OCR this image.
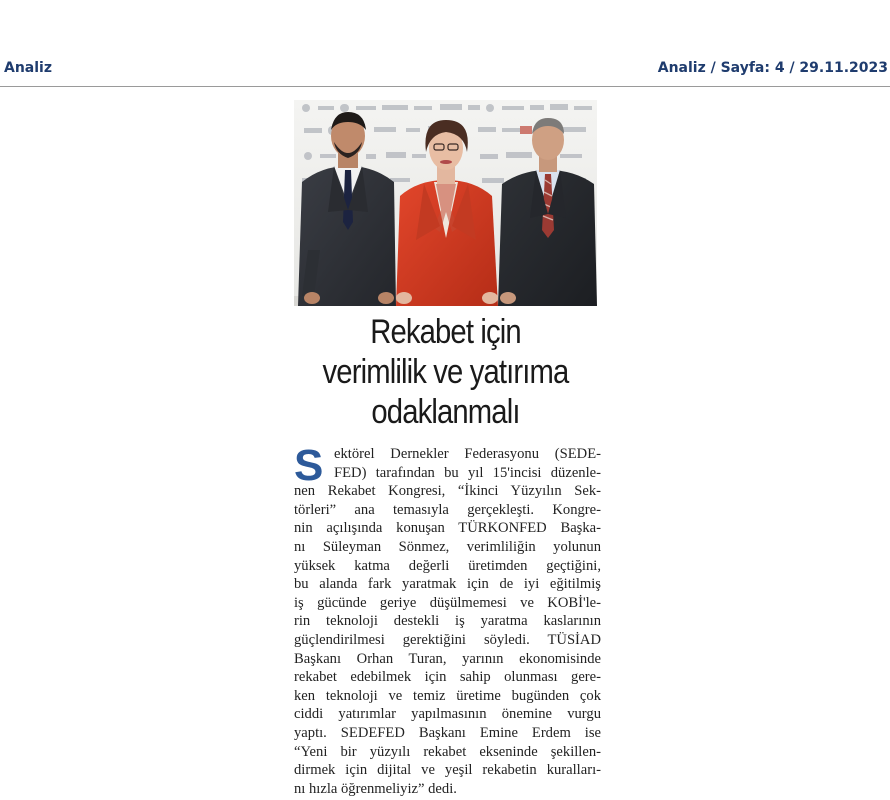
Analiz	Analiz / Sayfa: 4 / 29.11.2023
Rekabet için
verimlilik ve yatırıma
odaklanmalı
S ektörel Dernekler Federasyonu (SEDE-
FED) tarafından bu yıl 15'incisi düzenle-
nen Rekabet Kongresi, “İkinci Yüzyılın Sek-
törleri” ana temasıyla gerçekleşti. Kongre-
nin açılışında konuşan TÜRKONFED Başka-
nı Süleyman Sönmez, verimliliğin yolunun
yüksek katma değerli üretimden geçtiğini,
bu alanda fark yaratmak için de iyi eğitilmiş
iş gücünde geriye düşülmemesi ve KOBİ'le-
rin teknoloji destekli iş yaratma kaslarının
güçlendirilmesi gerektiğini söyledi. TÜSİAD
Başkanı Orhan Turan, yarının ekonomisinde
rekabet edebilmek için sahip olunması gere-
ken teknoloji ve temiz üretime bugünden çok
ciddi yatırımlar yapılmasının önemine vurgu
yaptı. SEDEFED Başkanı Emine Erdem ise
“Yeni bir yüzyılı rekabet ekseninde şekillen-
dirmek için dijital ve yeşil rekabetin kuralları-
nı hızla öğrenmeliyiz” dedi.
